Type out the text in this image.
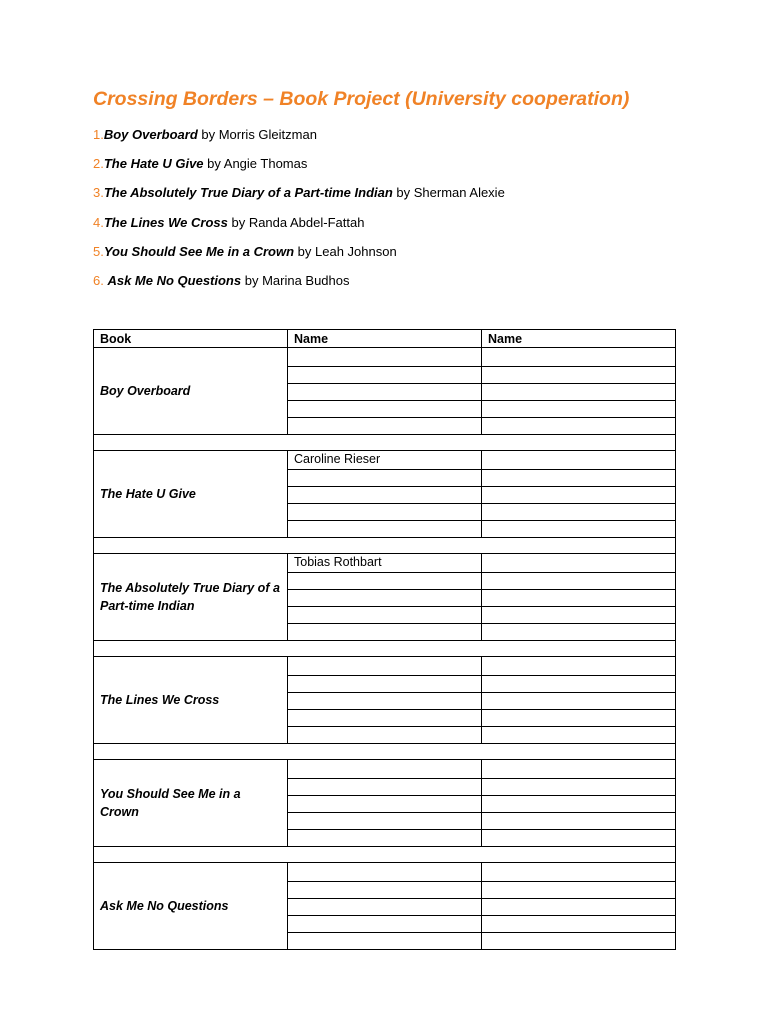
Crossing Borders – Book Project (University cooperation)
1.Boy Overboard by Morris Gleitzman
2.The Hate U Give by Angie Thomas
3.The Absolutely True Diary of a Part-time Indian by Sherman Alexie
4.The Lines We Cross by Randa Abdel-Fattah
5.You Should See Me in a Crown by Leah Johnson
6. Ask Me No Questions by Marina Budhos
Book	Name	Name
Boy Overboard		

The Hate U Give	Caroline Rieser	

The Absolutely True Diary of a Part-time Indian	Tobias Rothbart	

The Lines We Cross		

You Should See Me in a Crown		

Ask Me No Questions		
